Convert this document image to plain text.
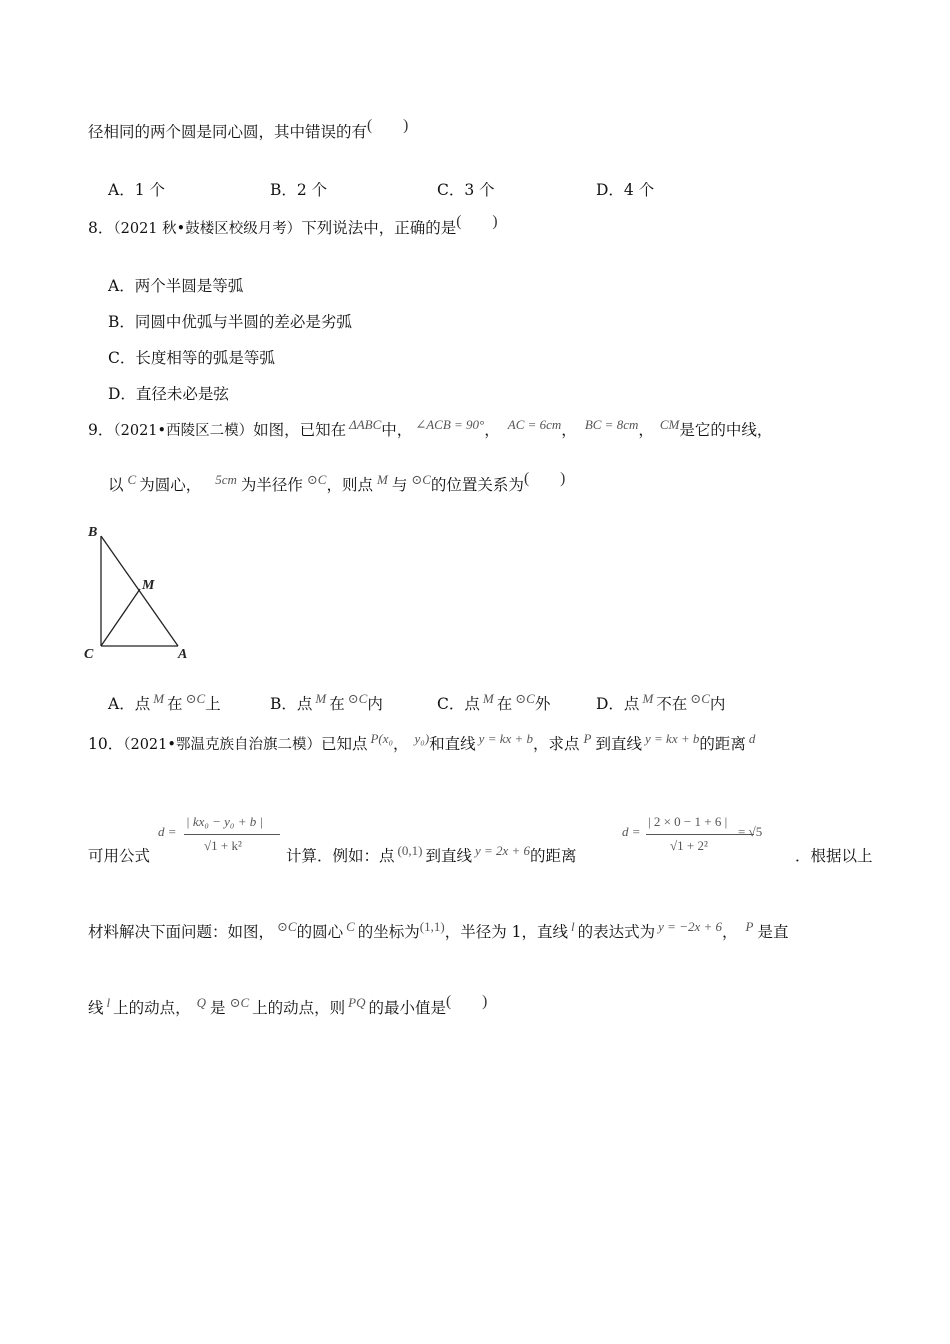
径相同的两个圆是同心圆，其中错误的有(　　)
A．1 个	B．2 个	C．3 个	D．4 个
8．（2021 秋•鼓楼区校级月考）下列说法中，正确的是(　　)
A．两个半圆是等弧
B．同圆中优弧与半圆的差必是劣弧
C．长度相等的弧是等弧
D．直径未必是弦
9．（2021•西陵区二模）如图，已知在 $^{\Delta ABC}$中， $^{\angle ACB = 90^\circ}$， $^{AC = 6cm}$， $^{BC = 8cm}$， $^{CM}$是它的中线，
以 $^C$ 为圆心， $^{5cm}$ 为半径作 $^{⊙C}$，则点 $^M$ 与 $^{⊙C}$的位置关系为(　　)
B
M
C	A
A．点 $^M$ 在 $^{⊙C}$上	B．点 $^M$ 在 $^{⊙C}$内	C．点 $^M$ 在 $^{⊙C}$外	D．点 $^M$ 不在 $^{⊙C}$内
10．（2021•鄂温克族自治旗二模）已知点 $^{P(x_0}$， $^{y_0)}$和直线 $^{y = kx + b}$，求点 $^P$ 到直线 $^{y = kx + b}$的距离 $^d$
可用公式
d =
| kx₀ − y₀ + b |
√1 + k²
计算．例如：点 $^{(0,1)}$ 到直线 $^{y = 2x + 6}$的距离
d =
| 2 × 0 − 1 + 6 |
√1 + 2²
= √5
．根据以上
材料解决下面问题：如图， $^{⊙C}$的圆心 $^C$ 的坐标为$^{(1,1)}$，半径为 1，直线 $^l$ 的表达式为 $^{y = -2x + 6}$， $^P$ 是直
线 $^l$ 上的动点， $^Q$ 是 $^{⊙C}$ 上的动点，则 $^{PQ}$ 的最小值是(　　)
